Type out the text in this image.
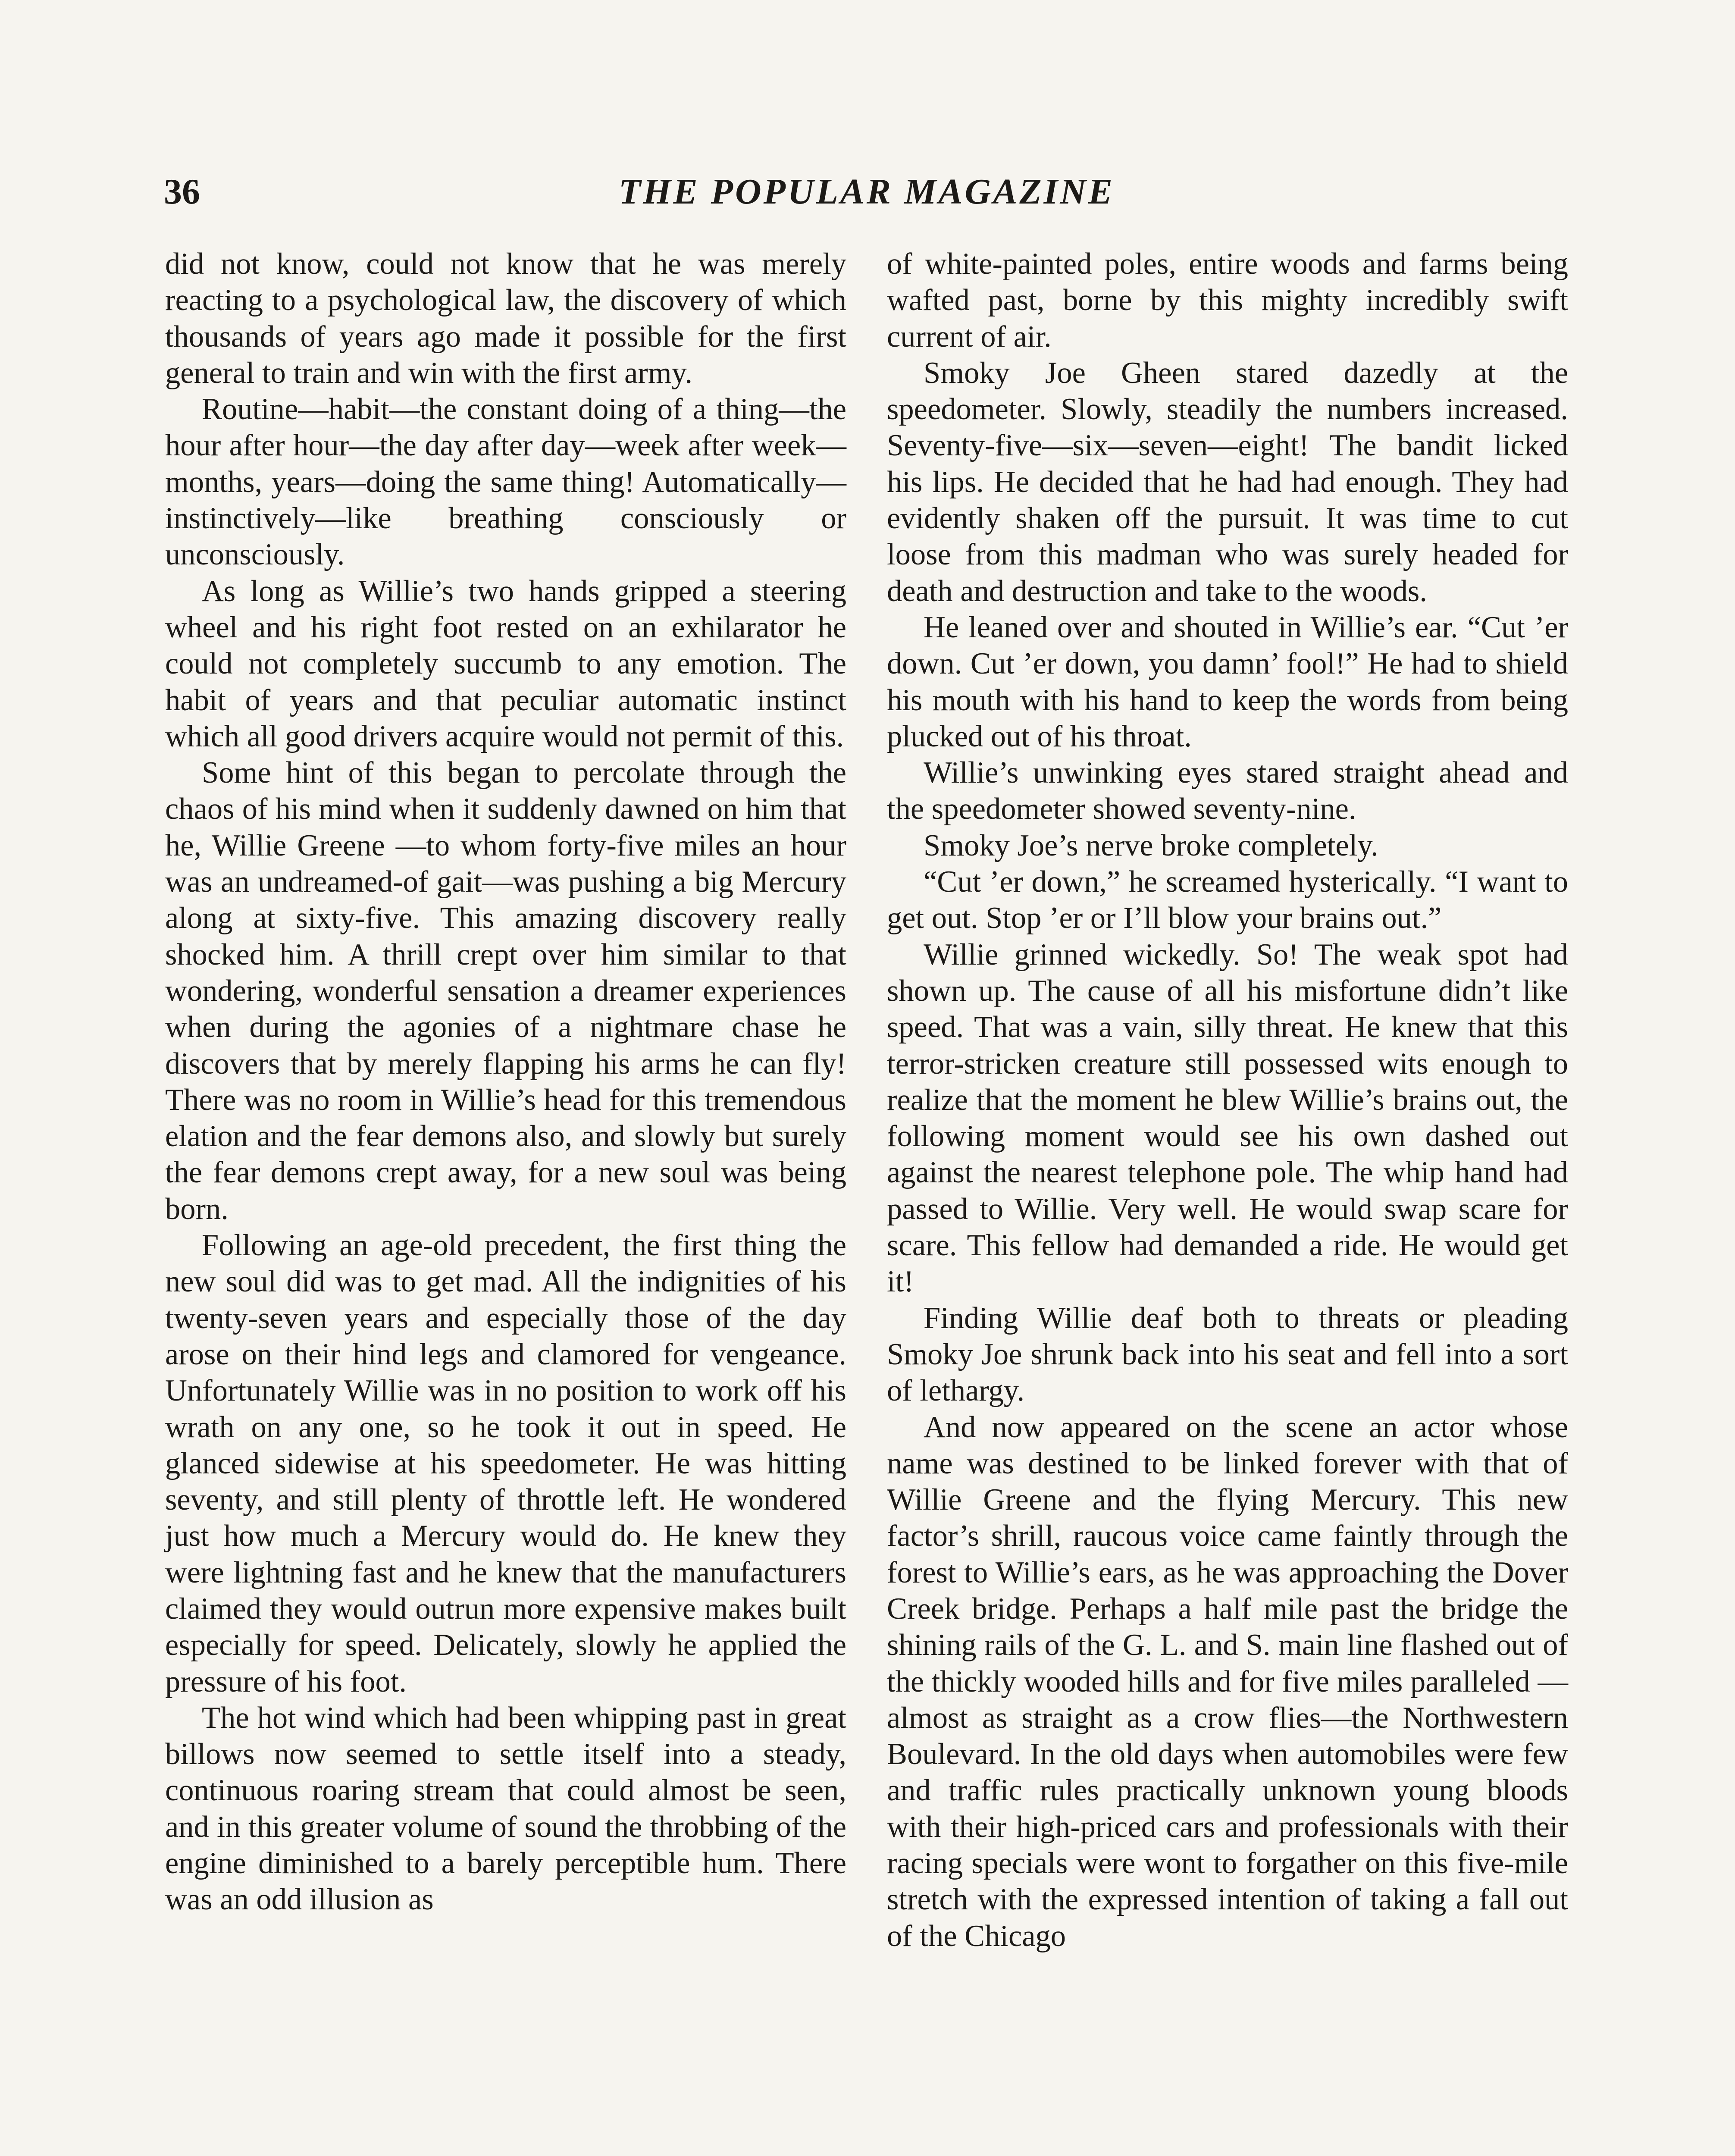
36	THE POPULAR MAGAZINE

did not know, could not know that he was merely reacting to a psychological law, the discovery of which thousands of years ago made it possible for the first general to train and win with the first army.

Routine—habit—the constant doing of a thing—the hour after hour—the day after day—week after week—months, years—doing the same thing! Automatically—instinctively—like breathing consciously or unconsciously.

As long as Willie’s two hands gripped a steering wheel and his right foot rested on an exhilarator he could not completely succumb to any emotion. The habit of years and that peculiar automatic instinct which all good drivers acquire would not permit of this.

Some hint of this began to percolate through the chaos of his mind when it suddenly dawned on him that he, Willie Greene —to whom forty-five miles an hour was an undreamed-of gait—was pushing a big Mercury along at sixty-five. This amazing discovery really shocked him. A thrill crept over him similar to that wondering, wonderful sensation a dreamer experiences when during the agonies of a nightmare chase he discovers that by merely flapping his arms he can fly! There was no room in Willie’s head for this tremendous elation and the fear demons also, and slowly but surely the fear demons crept away, for a new soul was being born.

Following an age-old precedent, the first thing the new soul did was to get mad. All the indignities of his twenty-seven years and especially those of the day arose on their hind legs and clamored for vengeance. Unfortunately Willie was in no position to work off his wrath on any one, so he took it out in speed. He glanced sidewise at his speedometer. He was hitting seventy, and still plenty of throttle left. He wondered just how much a Mercury would do. He knew they were lightning fast and he knew that the manufacturers claimed they would outrun more expensive makes built especially for speed. Delicately, slowly he applied the pressure of his foot.

The hot wind which had been whipping past in great billows now seemed to settle itself into a steady, continuous roaring stream that could almost be seen, and in this greater volume of sound the throbbing of the engine diminished to a barely perceptible hum. There was an odd illusion as

of white-painted poles, entire woods and farms being wafted past, borne by this mighty incredibly swift current of air.

Smoky Joe Gheen stared dazedly at the speedometer. Slowly, steadily the numbers increased. Seventy-five—six—seven—eight! The bandit licked his lips. He decided that he had had enough. They had evidently shaken off the pursuit. It was time to cut loose from this madman who was surely headed for death and destruction and take to the woods.

He leaned over and shouted in Willie’s ear. “Cut ’er down. Cut ’er down, you damn’ fool!” He had to shield his mouth with his hand to keep the words from being plucked out of his throat.

Willie’s unwinking eyes stared straight ahead and the speedometer showed seventy-nine.

Smoky Joe’s nerve broke completely.

“Cut ’er down,” he screamed hysterically. “I want to get out. Stop ’er or I’ll blow your brains out.”

Willie grinned wickedly. So! The weak spot had shown up. The cause of all his misfortune didn’t like speed. That was a vain, silly threat. He knew that this terror-stricken creature still possessed wits enough to realize that the moment he blew Willie’s brains out, the following moment would see his own dashed out against the nearest telephone pole. The whip hand had passed to Willie. Very well. He would swap scare for scare. This fellow had demanded a ride. He would get it!

Finding Willie deaf both to threats or pleading Smoky Joe shrunk back into his seat and fell into a sort of lethargy.

And now appeared on the scene an actor whose name was destined to be linked forever with that of Willie Greene and the flying Mercury. This new factor’s shrill, raucous voice came faintly through the forest to Willie’s ears, as he was approaching the Dover Creek bridge. Perhaps a half mile past the bridge the shining rails of the G. L. and S. main line flashed out of the thickly wooded hills and for five miles paralleled —almost as straight as a crow flies—the Northwestern Boulevard. In the old days when automobiles were few and traffic rules practically unknown young bloods with their high-priced cars and professionals with their racing specials were wont to forgather on this five-mile stretch with the expressed intention of taking a fall out of the Chicago
